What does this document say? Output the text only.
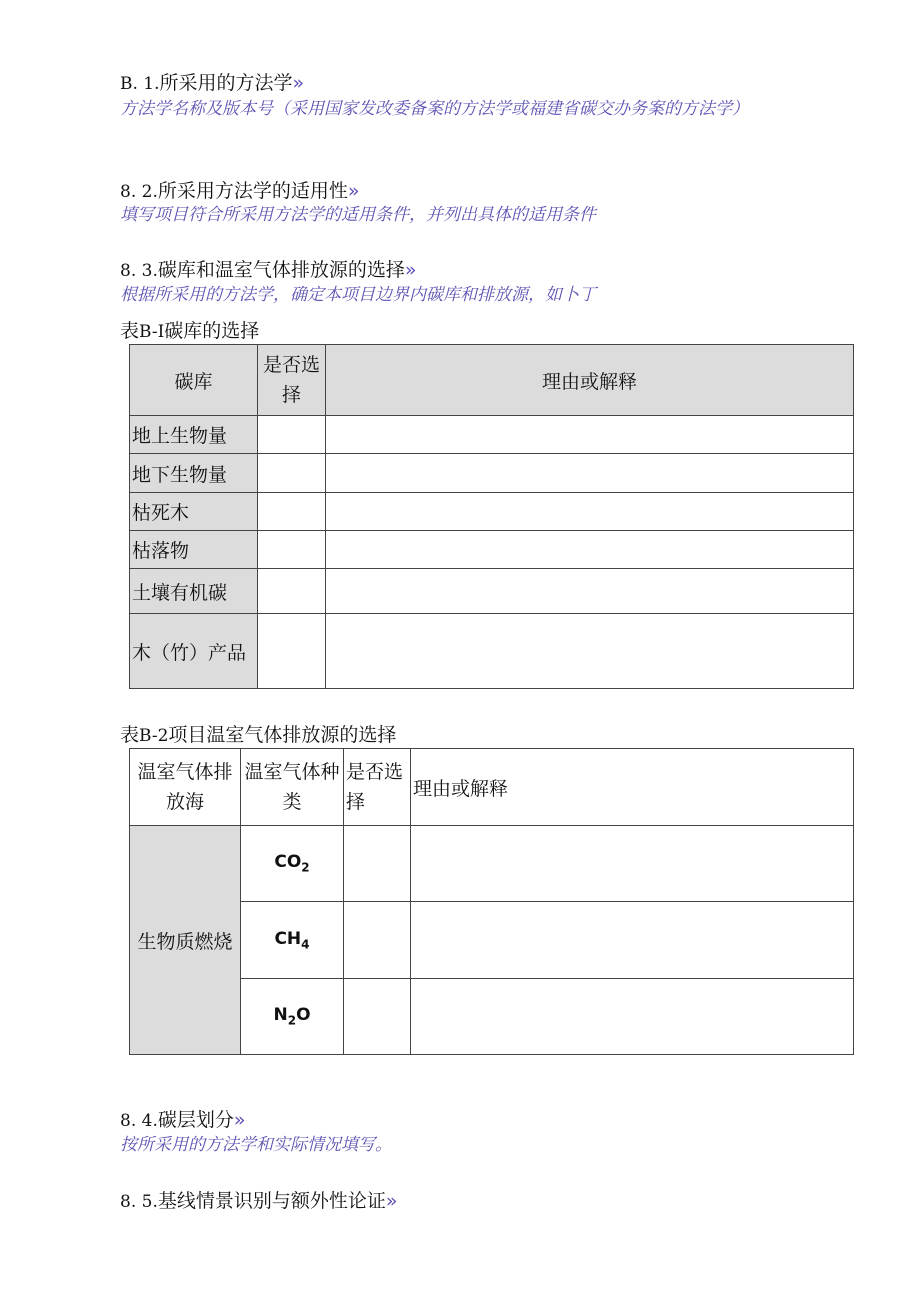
B. 1.所采用的方法学»
方法学名称及版本号（采用国家发改委备案的方法学或福建省碳交办务案的方法学）
8. 2.所采用方法学的适用性»
填写项目符合所采用方法学的适用条件，并列出具体的适用条件
8. 3.碳库和温室气体排放源的选择»
根据所采用的方法学，确定本项目边界内碳库和排放源，如卜丁
表B-I碳库的选择
碳库	是否选择	理由或解释
地上生物量		
地下生物量		
枯死木		
枯落物		
土壤有机碳		
木（竹）产品		
表B-2项目温室气体排放源的选择
温室气体排放海	温室气体种类	是否选择	理由或解释
生物质燃烧	$CO_2$		
	$CH_4$		
	$N_2O$		
8. 4.碳层划分»
按所采用的方法学和实际情况填写。
8. 5.基线情景识别与额外性论证»
